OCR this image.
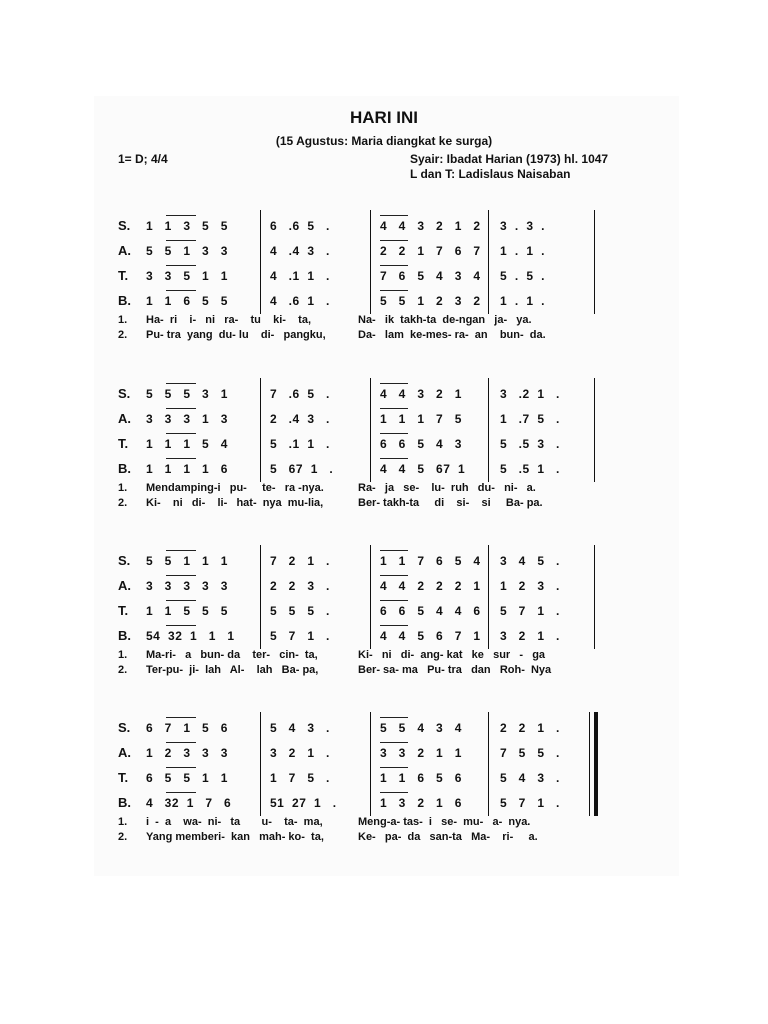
HARI INI
(15 Agustus: Maria diangkat ke surga)
1= D; 4/4	Syair: Ibadat Harian (1973) hl. 1047
L dan T: Ladislaus Naisaban
S. 1   1   3   5   5	6   .6  5   .	4   4   3   2   1   2 3  .  3  .
A. 5   5   1   3   3	4   .4  3   .	2   2   1   7   6   7 1  .  1  .
T. 3   3   5   1   1	4   .1  1   .	7   6   5   4   3   4 5  .  5  .
B. 1   1   6   5   5	4   .6  1   .	5   5   1   2   3   2 1  .  1  .
1. Ha-  ri    i-   ni   ra-    tu    ki-    ta,	Na-   ik  takh-ta  de-ngan   ja-   ya.
2. Pu- tra  yang  du- lu    di-   pangku,	Da-   lam  ke-mes- ra-  an    bun-  da.
S. 5   5   5   3   1	7   .6  5   .	4   4   3   2   1	3   .2  1   .
A. 3   3   3   1   3	2   .4  3   .	1   1   1   7   5	1   .7  5   .
T. 1   1   1   5   4	5   .1  1   .	6   6   5   4   3	5   .5  3   .
B. 1   1   1   1   6	5   67  1   .	4   4   5   67  1	5   .5  1   .
1. Mendamping-i   pu-     te-   ra -nya.	Ra-   ja   se-    lu-  ruh   du-   ni-   a.
2. Ki-    ni   di-    li-   hat-  nya  mu-lia,	Ber- takh-ta     di    si-    si     Ba- pa.
S. 5   5   1   1   1	7   2   1   .	1   1   7   6   5   4 3   4   5   .
A. 3   3   3   3   3	2   2   3   .	4   4   2   2   2   1 1   2   3   .
T. 1   1   5   5   5	5   5   5   .	6   6   5   4   4   6 5   7   1   .
B. 54  32  1   1   1	5   7   1   .	4   4   5   6   7   1 3   2   1   .
1. Ma-ri-   a   bun- da    ter-   cin-  ta,	Ki-   ni   di-  ang- kat   ke   sur   -   ga
2. Ter-pu-  ji-  lah   Al-    lah   Ba- pa,	Ber- sa- ma   Pu- tra   dan   Roh-  Nya
S. 6   7   1   5   6	5   4   3   .	5   5   4   3   4	2   2   1   .
A. 1   2   3   3   3	3   2   1   .	3   3   2   1   1	7   5   5   .
T. 6   5   5   1   1	1   7   5   .	1   1   6   5   6	5   4   3   .
B. 4   32  1   7   6	51  27  1   .	1   3   2   1   6	5   7   1   .
1. i  -  a    wa-  ni-   ta       u-    ta-  ma,	Meng-a- tas-  i   se-  mu-   a-  nya.
2. Yang memberi-  kan   mah- ko-  ta,	Ke-   pa-  da   san-ta   Ma-    ri-     a.
